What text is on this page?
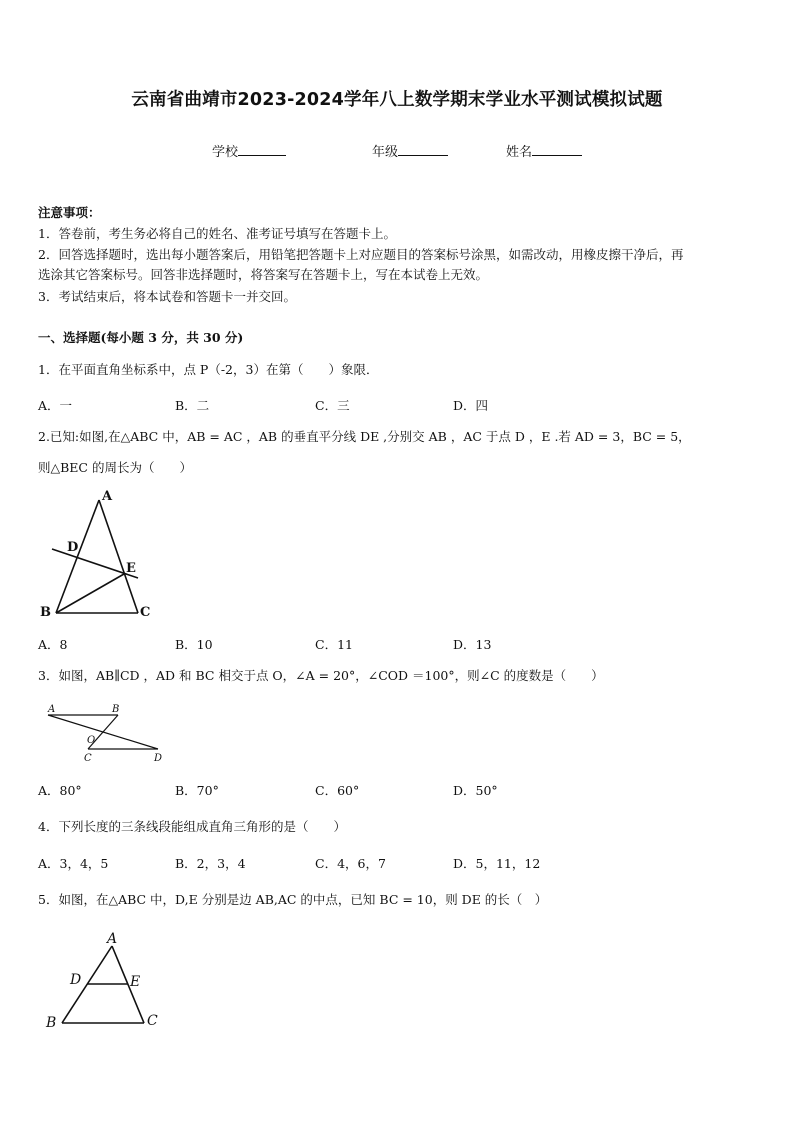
云南省曲靖市2023-2024学年八上数学期末学业水平测试模拟试题
学校	年级	姓名
注意事项：
1．答卷前，考生务必将自己的姓名、准考证号填写在答题卡上。
2．回答选择题时，选出每小题答案后，用铅笔把答题卡上对应题目的答案标号涂黑，如需改动，用橡皮擦干净后，再
选涂其它答案标号。回答非选择题时，将答案写在答题卡上，写在本试卷上无效。
3．考试结束后，将本试卷和答题卡一并交回。
一、选择题(每小题 3 分，共 30 分)
1．在平面直角坐标系中，点 P（-2，3）在第（　　）象限．
A．一	B．二	C．三	D．四
2.已知:如图,在△ABC 中，AB = AC ，AB 的垂直平分线 DE ,分别交 AB ，AC 于点 D ，E .若 AD = 3，BC = 5，
则△BEC 的周长为（　　）
A
D
E
B	C
A．8	B．10	C．11	D．13
3．如图，AB∥CD ，AD 和 BC 相交于点 O，∠A = 20°，∠COD ＝100°，则∠C 的度数是（　　）
A	B
O
C	D
A．80°	B．70°	C．60°	D．50°
4．下列长度的三条线段能组成直角三角形的是（　　）
A．3，4，5	B．2，3，4	C．4，6，7	D．5，11，12
5．如图，在△ABC 中，D,E 分别是边 AB,AC 的中点，已知 BC = 10，则 DE 的长（　）
A
D	E
B	C
